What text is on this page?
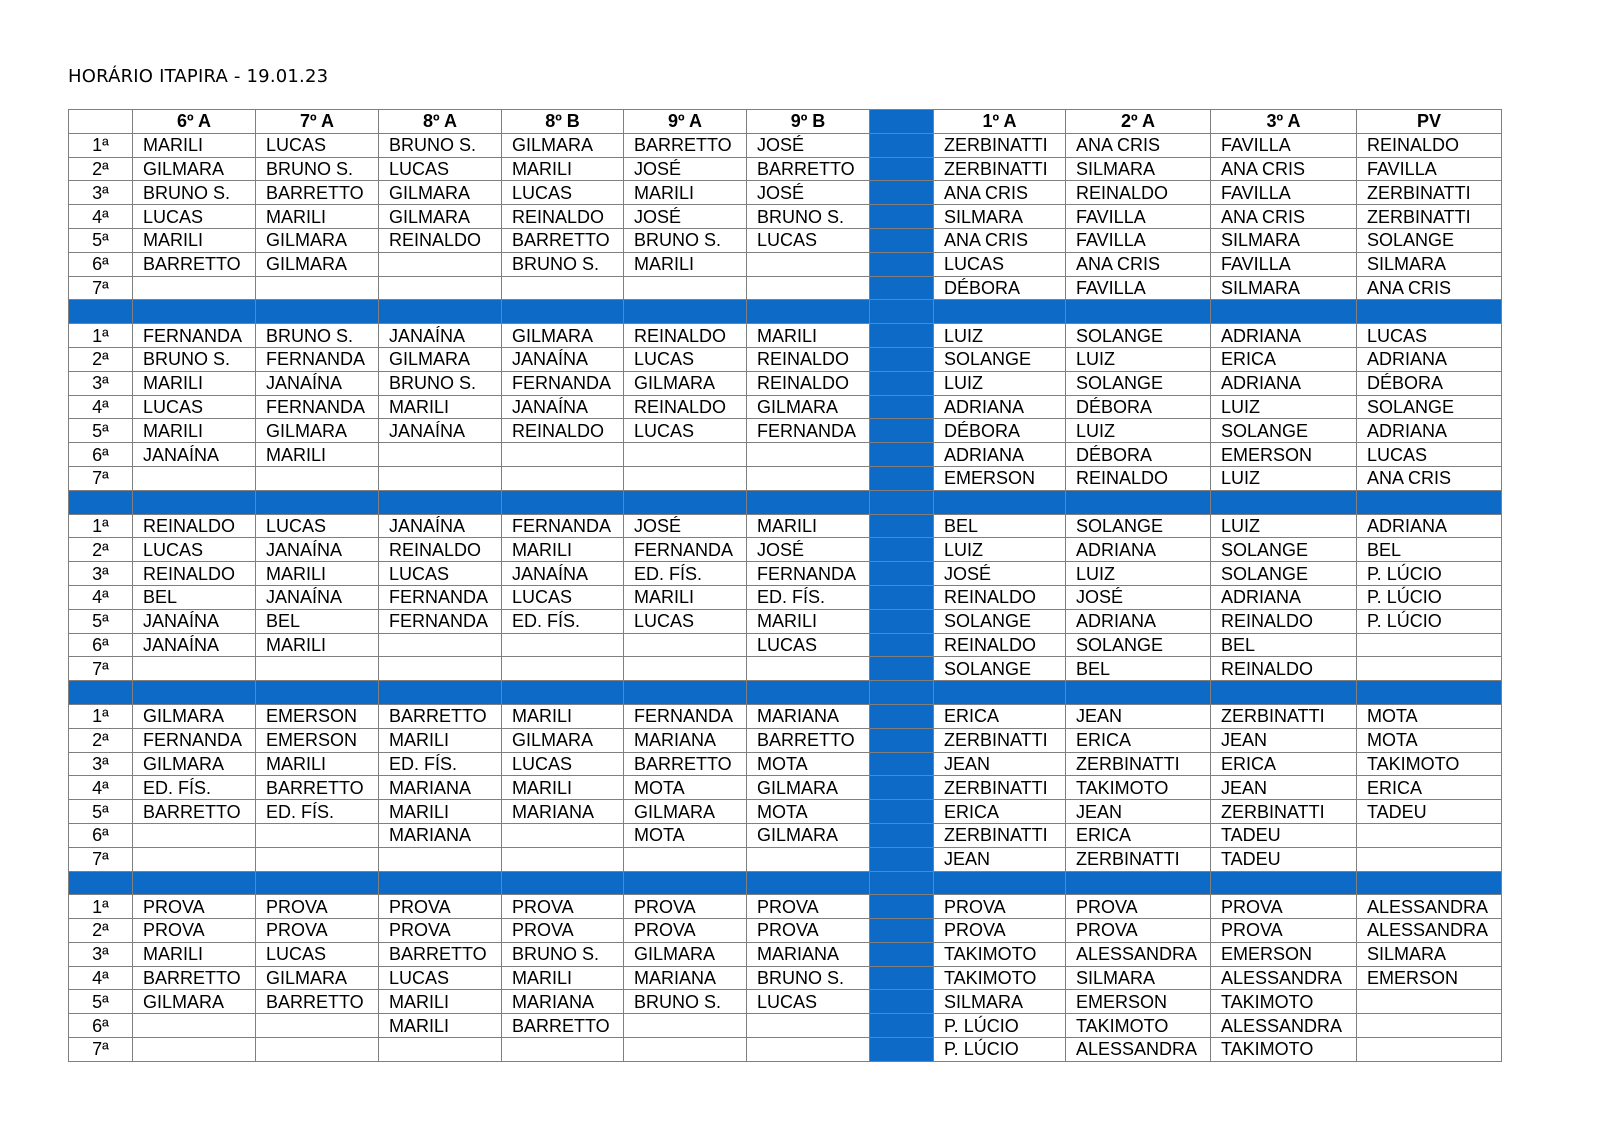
HORÁRIO ITAPIRA - 19.01.23
	6º A	7º A	8º A	8º B	9º A	9º B		1º A	2º A	3º A	PV
1ª	MARILI	LUCAS	BRUNO S.	GILMARA	BARRETTO	JOSÉ		ZERBINATTI	ANA CRIS	FAVILLA	REINALDO
2ª	GILMARA	BRUNO S.	LUCAS	MARILI	JOSÉ	BARRETTO		ZERBINATTI	SILMARA	ANA CRIS	FAVILLA
3ª	BRUNO S.	BARRETTO	GILMARA	LUCAS	MARILI	JOSÉ		ANA CRIS	REINALDO	FAVILLA	ZERBINATTI
4ª	LUCAS	MARILI	GILMARA	REINALDO	JOSÉ	BRUNO S.		SILMARA	FAVILLA	ANA CRIS	ZERBINATTI
5ª	MARILI	GILMARA	REINALDO	BARRETTO	BRUNO S.	LUCAS		ANA CRIS	FAVILLA	SILMARA	SOLANGE
6ª	BARRETTO	GILMARA		BRUNO S.	MARILI			LUCAS	ANA CRIS	FAVILLA	SILMARA
7ª								DÉBORA	FAVILLA	SILMARA	ANA CRIS

1ª	FERNANDA	BRUNO S.	JANAÍNA	GILMARA	REINALDO	MARILI		LUIZ	SOLANGE	ADRIANA	LUCAS
2ª	BRUNO S.	FERNANDA	GILMARA	JANAÍNA	LUCAS	REINALDO		SOLANGE	LUIZ	ERICA	ADRIANA
3ª	MARILI	JANAÍNA	BRUNO S.	FERNANDA	GILMARA	REINALDO		LUIZ	SOLANGE	ADRIANA	DÉBORA
4ª	LUCAS	FERNANDA	MARILI	JANAÍNA	REINALDO	GILMARA		ADRIANA	DÉBORA	LUIZ	SOLANGE
5ª	MARILI	GILMARA	JANAÍNA	REINALDO	LUCAS	FERNANDA		DÉBORA	LUIZ	SOLANGE	ADRIANA
6ª	JANAÍNA	MARILI						ADRIANA	DÉBORA	EMERSON	LUCAS
7ª								EMERSON	REINALDO	LUIZ	ANA CRIS

1ª	REINALDO	LUCAS	JANAÍNA	FERNANDA	JOSÉ	MARILI		BEL	SOLANGE	LUIZ	ADRIANA
2ª	LUCAS	JANAÍNA	REINALDO	MARILI	FERNANDA	JOSÉ		LUIZ	ADRIANA	SOLANGE	BEL
3ª	REINALDO	MARILI	LUCAS	JANAÍNA	ED. FÍS.	FERNANDA		JOSÉ	LUIZ	SOLANGE	P. LÚCIO
4ª	BEL	JANAÍNA	FERNANDA	LUCAS	MARILI	ED. FÍS.		REINALDO	JOSÉ	ADRIANA	P. LÚCIO
5ª	JANAÍNA	BEL	FERNANDA	ED. FÍS.	LUCAS	MARILI		SOLANGE	ADRIANA	REINALDO	P. LÚCIO
6ª	JANAÍNA	MARILI				LUCAS		REINALDO	SOLANGE	BEL	
7ª								SOLANGE	BEL	REINALDO	

1ª	GILMARA	EMERSON	BARRETTO	MARILI	FERNANDA	MARIANA		ERICA	JEAN	ZERBINATTI	MOTA
2ª	FERNANDA	EMERSON	MARILI	GILMARA	MARIANA	BARRETTO		ZERBINATTI	ERICA	JEAN	MOTA
3ª	GILMARA	MARILI	ED. FÍS.	LUCAS	BARRETTO	MOTA		JEAN	ZERBINATTI	ERICA	TAKIMOTO
4ª	ED. FÍS.	BARRETTO	MARIANA	MARILI	MOTA	GILMARA		ZERBINATTI	TAKIMOTO	JEAN	ERICA
5ª	BARRETTO	ED. FÍS.	MARILI	MARIANA	GILMARA	MOTA		ERICA	JEAN	ZERBINATTI	TADEU
6ª			MARIANA		MOTA	GILMARA		ZERBINATTI	ERICA	TADEU	
7ª								JEAN	ZERBINATTI	TADEU	

1ª	PROVA	PROVA	PROVA	PROVA	PROVA	PROVA		PROVA	PROVA	PROVA	ALESSANDRA
2ª	PROVA	PROVA	PROVA	PROVA	PROVA	PROVA		PROVA	PROVA	PROVA	ALESSANDRA
3ª	MARILI	LUCAS	BARRETTO	BRUNO S.	GILMARA	MARIANA		TAKIMOTO	ALESSANDRA	EMERSON	SILMARA
4ª	BARRETTO	GILMARA	LUCAS	MARILI	MARIANA	BRUNO S.		TAKIMOTO	SILMARA	ALESSANDRA	EMERSON
5ª	GILMARA	BARRETTO	MARILI	MARIANA	BRUNO S.	LUCAS		SILMARA	EMERSON	TAKIMOTO	
6ª			MARILI	BARRETTO				P. LÚCIO	TAKIMOTO	ALESSANDRA	
7ª								P. LÚCIO	ALESSANDRA	TAKIMOTO	
